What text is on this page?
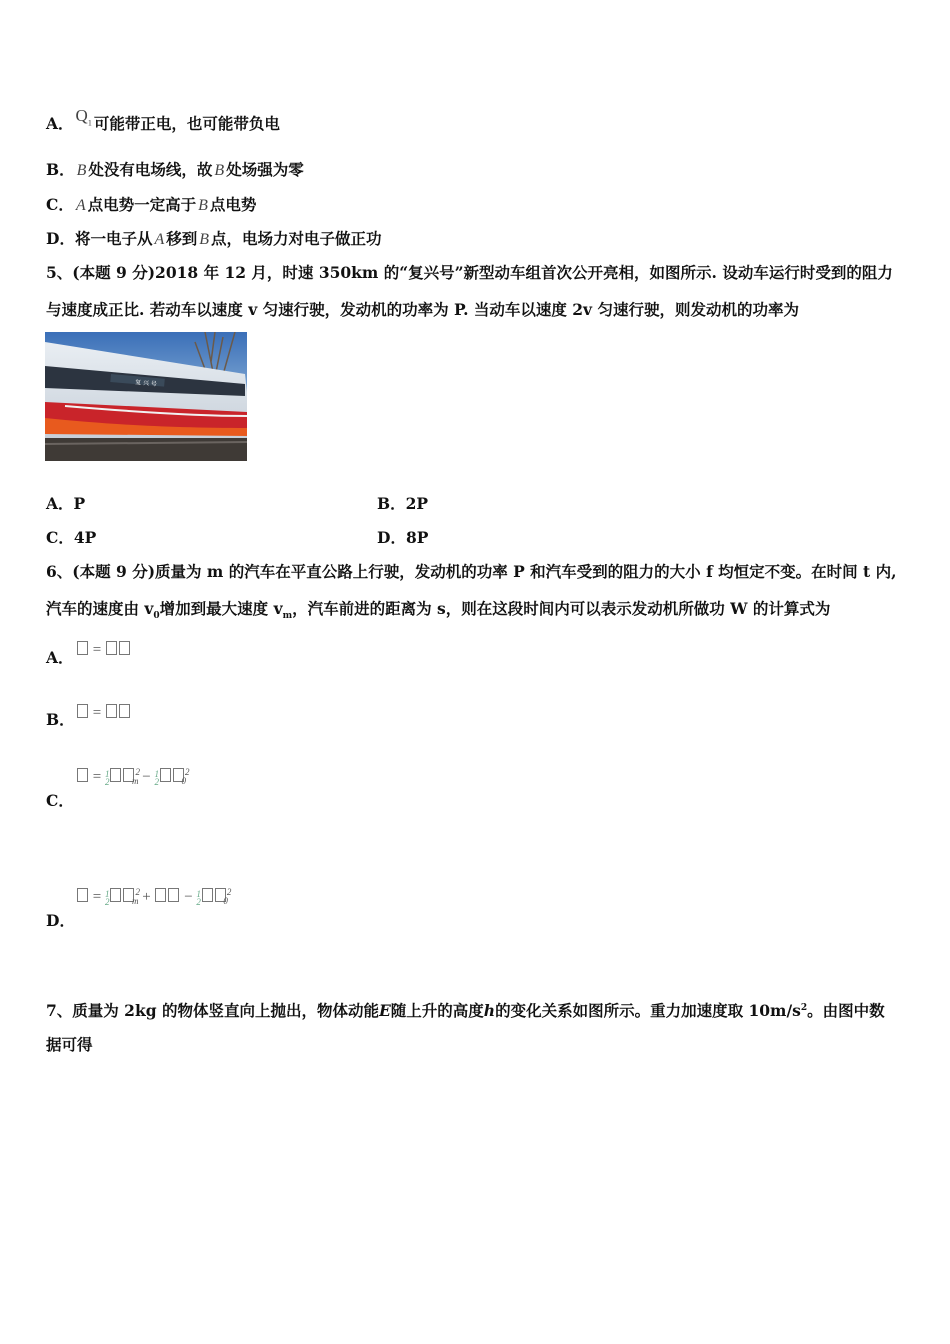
A． $Q_1$ 可能带正电，也可能带负电
B． B 处没有电场线，故 B 处场强为零
C． A 点电势一定高于 B 点电势
D．将一电子从 A 移到 B 点，电场力对电子做正功
5、(本题 9 分)2018 年 12 月，时速 350km 的“复兴号”新型动车组首次公开亮相，如图所示. 设动车运行时受到的阻力
与速度成正比. 若动车以速度 v 匀速行驶，发动机的功率为 P. 当动车以速度 2v 匀速行驶，则发动机的功率为
复 兴 号
A．P	B．2P
C．4P	D．8P
6、(本题 9 分)质量为 m 的汽车在平直公路上行驶，发动机的功率 P 和汽车受到的阻力的大小 f 均恒定不变。在时间 t 内,
汽车的速度由 $v_0$增加到最大速度 $v_m$，汽车前进的距离为 s，则在这段时间内可以表示发动机所做功 W 的计算式为
A．	=
B．	=
C．
= 1
2
$^2_m$ − 1
2
$^2_0$
D．
= 1
2
$^2_m$ + − 1
2
$^2_0$
7、质量为 2kg 的物体竖直向上抛出，物体动能E随上升的高度h的变化关系如图所示。重力加速度取 $10m/s^2$。由图中数
据可得
